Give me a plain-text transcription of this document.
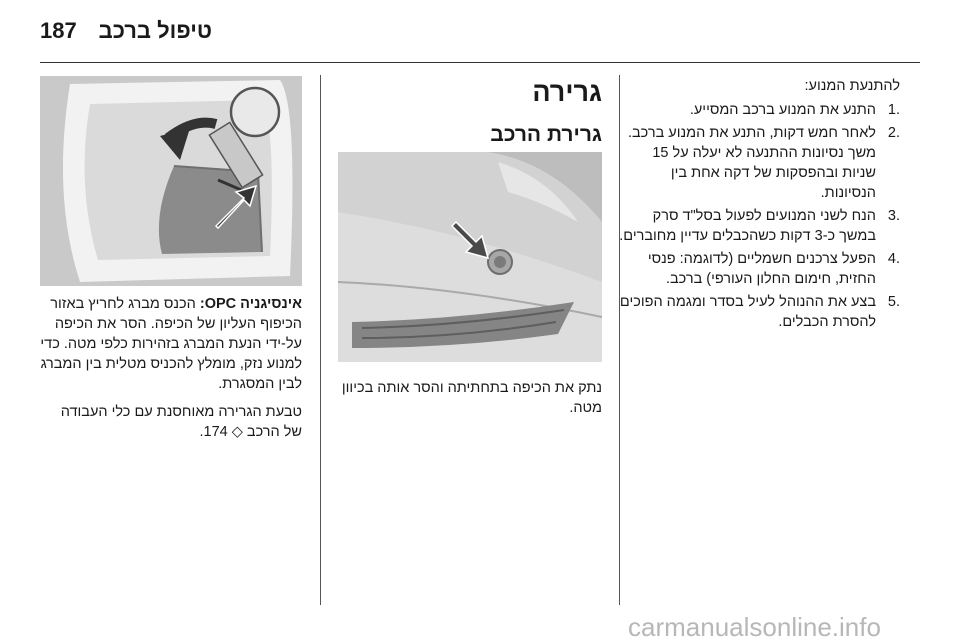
טיפול ברכב
187

להתנעת המנוע:

.1
התנע את המנוע ברכב המסייע.
.2
לאחר חמש דקות, התנע את המנוע ברכב. משך נסיונות ההתנעה לא יעלה על 15 שניות ובהפסקות של דקה אחת בין הנסיונות.
.3
הנח לשני המנועים לפעול בסל"ד סרק במשך כ-3 דקות כשהכבלים עדיין מחוברים.
.4
הפעל צרכנים חשמליים (לדוגמה: פנסי החזית, חימום החלון העורפי) ברכב.
.5
בצע את ההנוהל לעיל בסדר ומגמה הפוכים להסרת הכבלים.
גרירה
גרירת הרכב

נתק את הכיפה בתחתיתה והסר אותה בכיוון מטה.

אינסיגניה OPC: הכנס מברג לחריץ באזור הכיפוף העליון של הכיפה. הסר את הכיפה על-ידי הנעת המברג בזהירות כלפי מטה. כדי למנוע נזק, מומלץ להכניס מטלית בין המברג לבין המסגרת.

טבעת הגרירה מאוחסנת עם כלי העבודה של הרכב ◇ 174.

carmanualsonline.info
